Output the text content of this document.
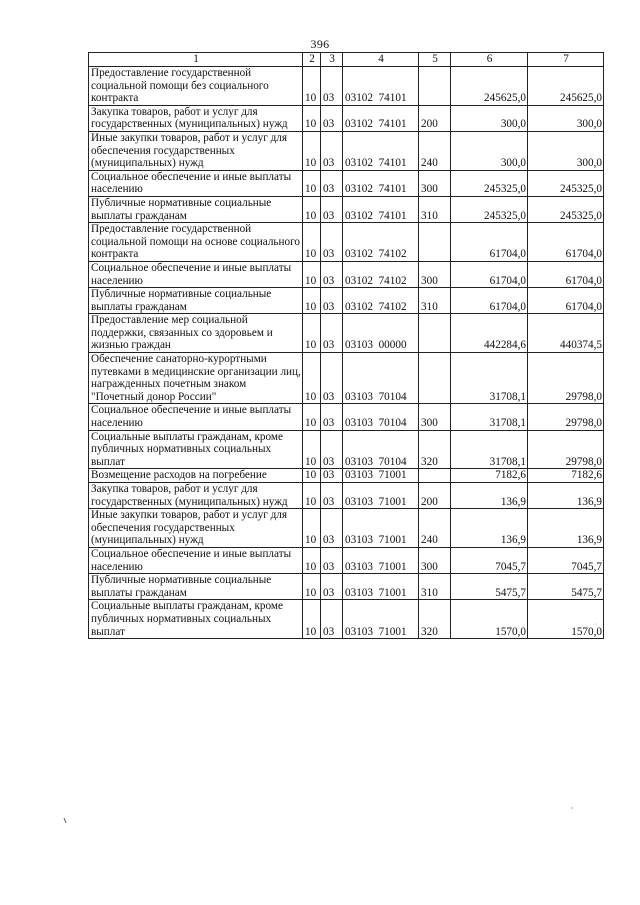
396
1	2	3	4	5	6	7
Предоставление государственной социальной помощи без социального контракта	10	03	03102  74101		245625,0	245625,0
Закупка товаров, работ и услуг для государственных (муниципальных) нужд	10	03	03102  74101	200	300,0	300,0
Иные закупки товаров, работ и услуг для обеспечения государственных (муниципальных) нужд	10	03	03102  74101	240	300,0	300,0
Социальное обеспечение и иные выплаты населению	10	03	03102  74101	300	245325,0	245325,0
Публичные нормативные социальные выплаты гражданам	10	03	03102  74101	310	245325,0	245325,0
Предоставление государственной социальной помощи на основе социального контракта	10	03	03102  74102		61704,0	61704,0
Социальное обеспечение и иные выплаты населению	10	03	03102  74102	300	61704,0	61704,0
Публичные нормативные социальные выплаты гражданам	10	03	03102  74102	310	61704,0	61704,0
Предоставление мер социальной поддержки, связанных со здоровьем и жизнью граждан	10	03	03103  00000		442284,6	440374,5
Обеспечение санаторно-курортными путевками в медицинские организации лиц, награжденных почетным знаком "Почетный донор России"	10	03	03103  70104		31708,1	29798,0
Социальное обеспечение и иные выплаты населению	10	03	03103  70104	300	31708,1	29798,0
Социальные выплаты гражданам, кроме публичных нормативных социальных выплат	10	03	03103  70104	320	31708,1	29798,0
Возмещение расходов на погребение	10	03	03103  71001		7182,6	7182,6
Закупка товаров, работ и услуг для государственных (муниципальных) нужд	10	03	03103  71001	200	136,9	136,9
Иные закупки товаров, работ и услуг для обеспечения государственных (муниципальных) нужд	10	03	03103  71001	240	136,9	136,9
Социальное обеспечение и иные выплаты населению	10	03	03103  71001	300	7045,7	7045,7
Публичные нормативные социальные выплаты гражданам	10	03	03103  71001	310	5475,7	5475,7
Социальные выплаты гражданам, кроме публичных нормативных социальных выплат	10	03	03103  71001	320	1570,0	1570,0
